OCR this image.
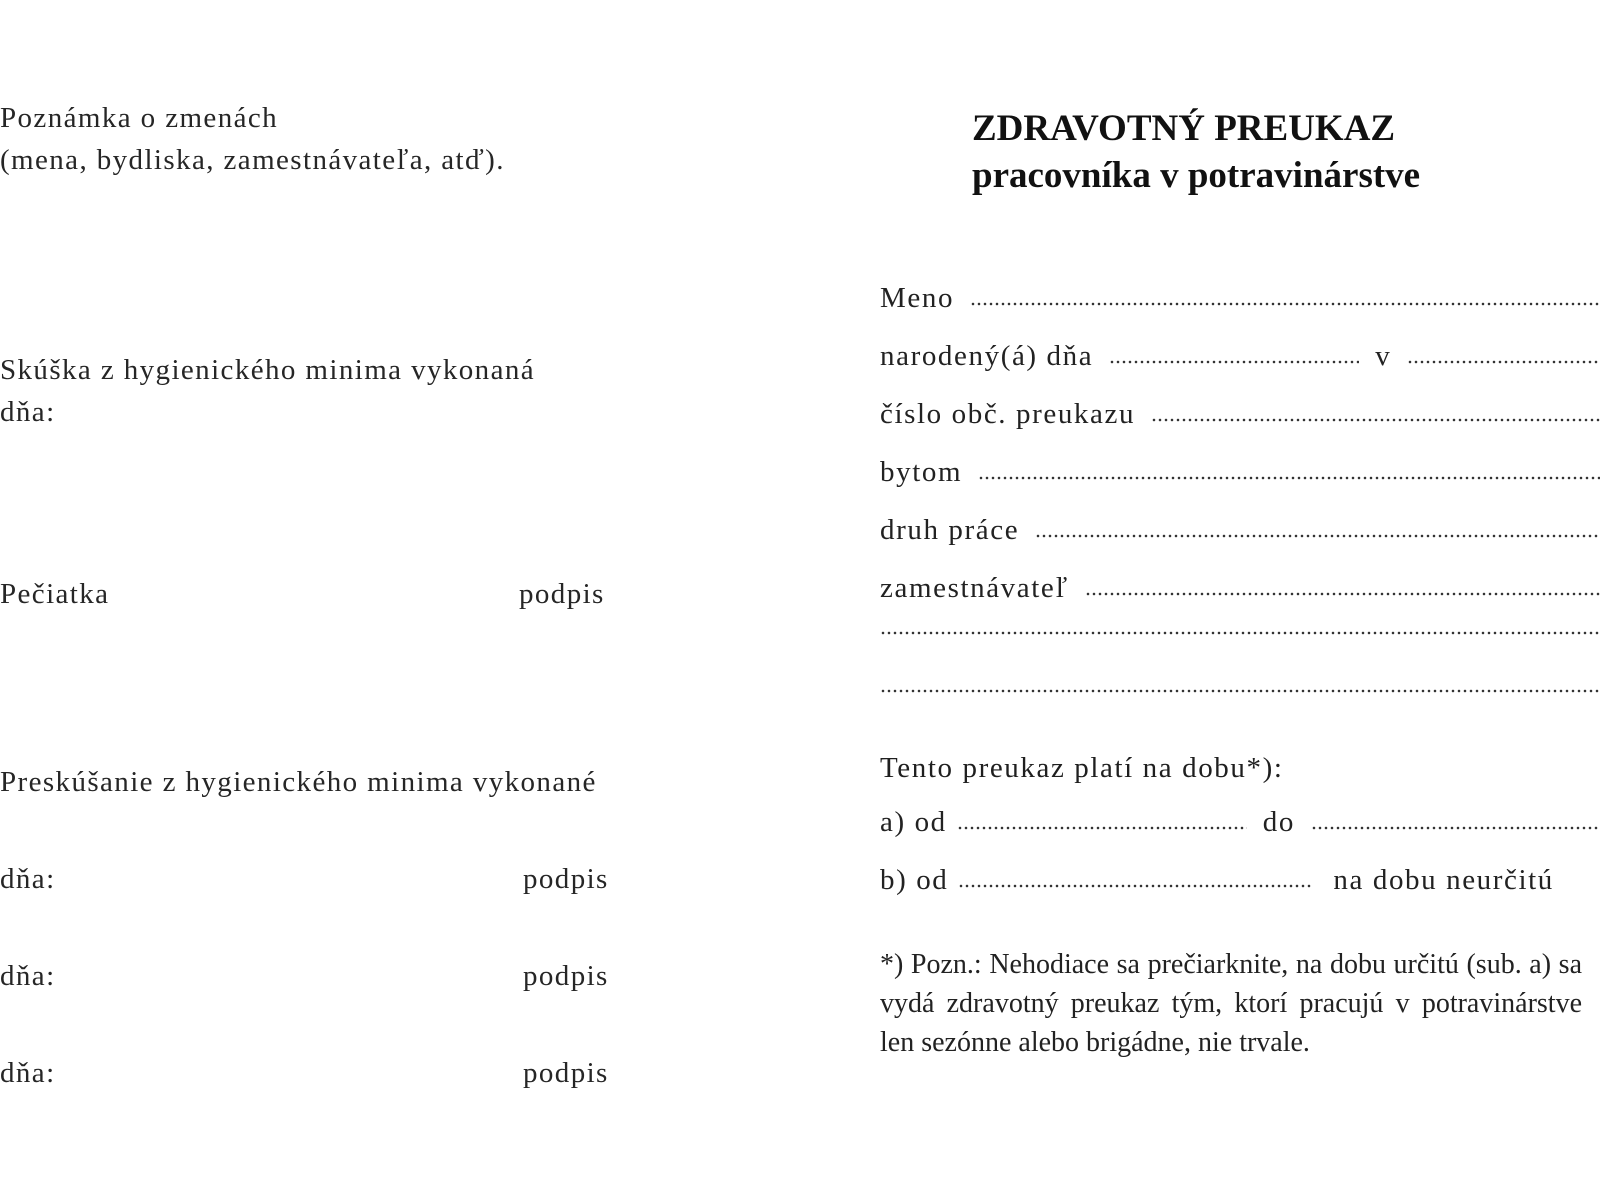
Poznámka o zmenách
(mena, bydliska, zamestnávateľa, atď).
Skúška z hygienického minima vykonaná
dňa:
Pečiatka	podpis
Preskúšanie z hygienického minima vykonané
dňa:	podpis
dňa:	podpis
dňa:	podpis
ZDRAVOTNÝ PREUKAZ
pracovníka v potravinárstve
Meno
narodený(á) dňa	v
číslo obč. preukazu
bytom
druh práce
zamestnávateľ
Tento preukaz platí na dobu*):
a) od	do
b) od	na dobu neurčitú
*) Pozn.: Nehodiace sa prečiarknite, na dobu určitú (sub. a) sa vydá zdravotný preukaz tým, ktorí pracujú v potravinárstve len sezónne alebo brigádne, nie trvale.
